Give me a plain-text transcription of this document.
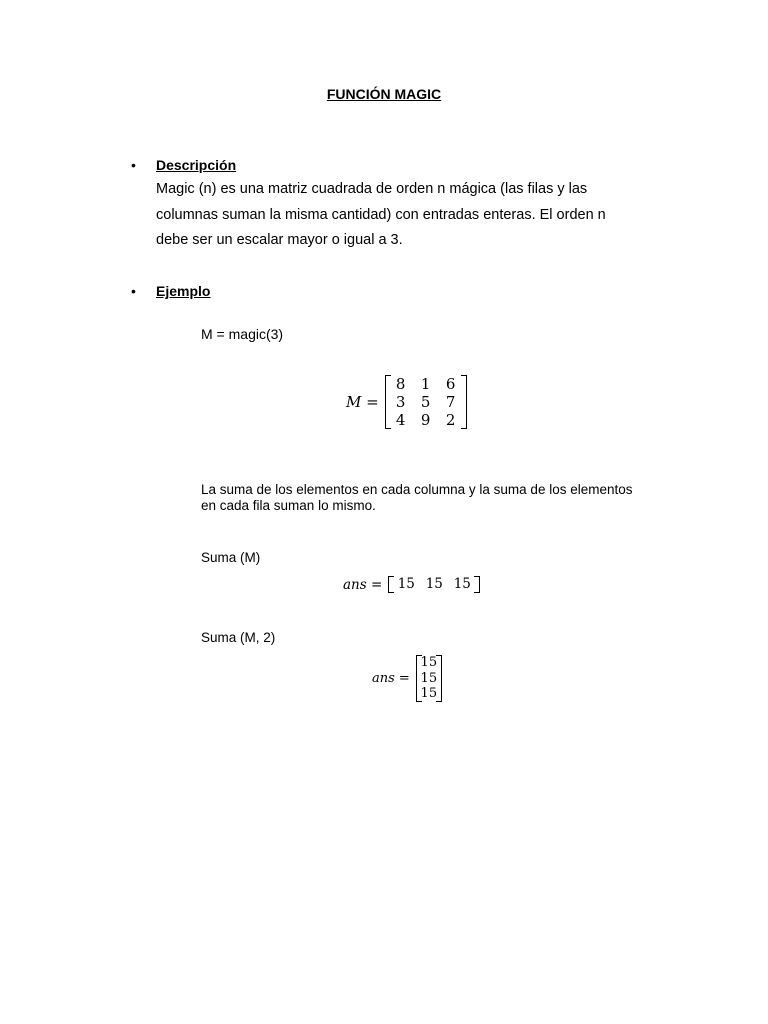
FUNCIÓN MAGIC
• Descripción

Magic (n) es una matriz cuadrada de orden n mágica (las filas y las

columnas suman la misma cantidad) con entradas enteras. El orden n

debe ser un escalar mayor o igual a 3.

• Ejemplo
M = magic(3)
M =
8	1	6
3	5	7
4	9	2
La suma de los elementos en cada columna y la suma de los elementos
en cada fila suman lo mismo.
Suma (M)
ans =	15 15 15
Suma (M, 2)
ans =
15
15
15
